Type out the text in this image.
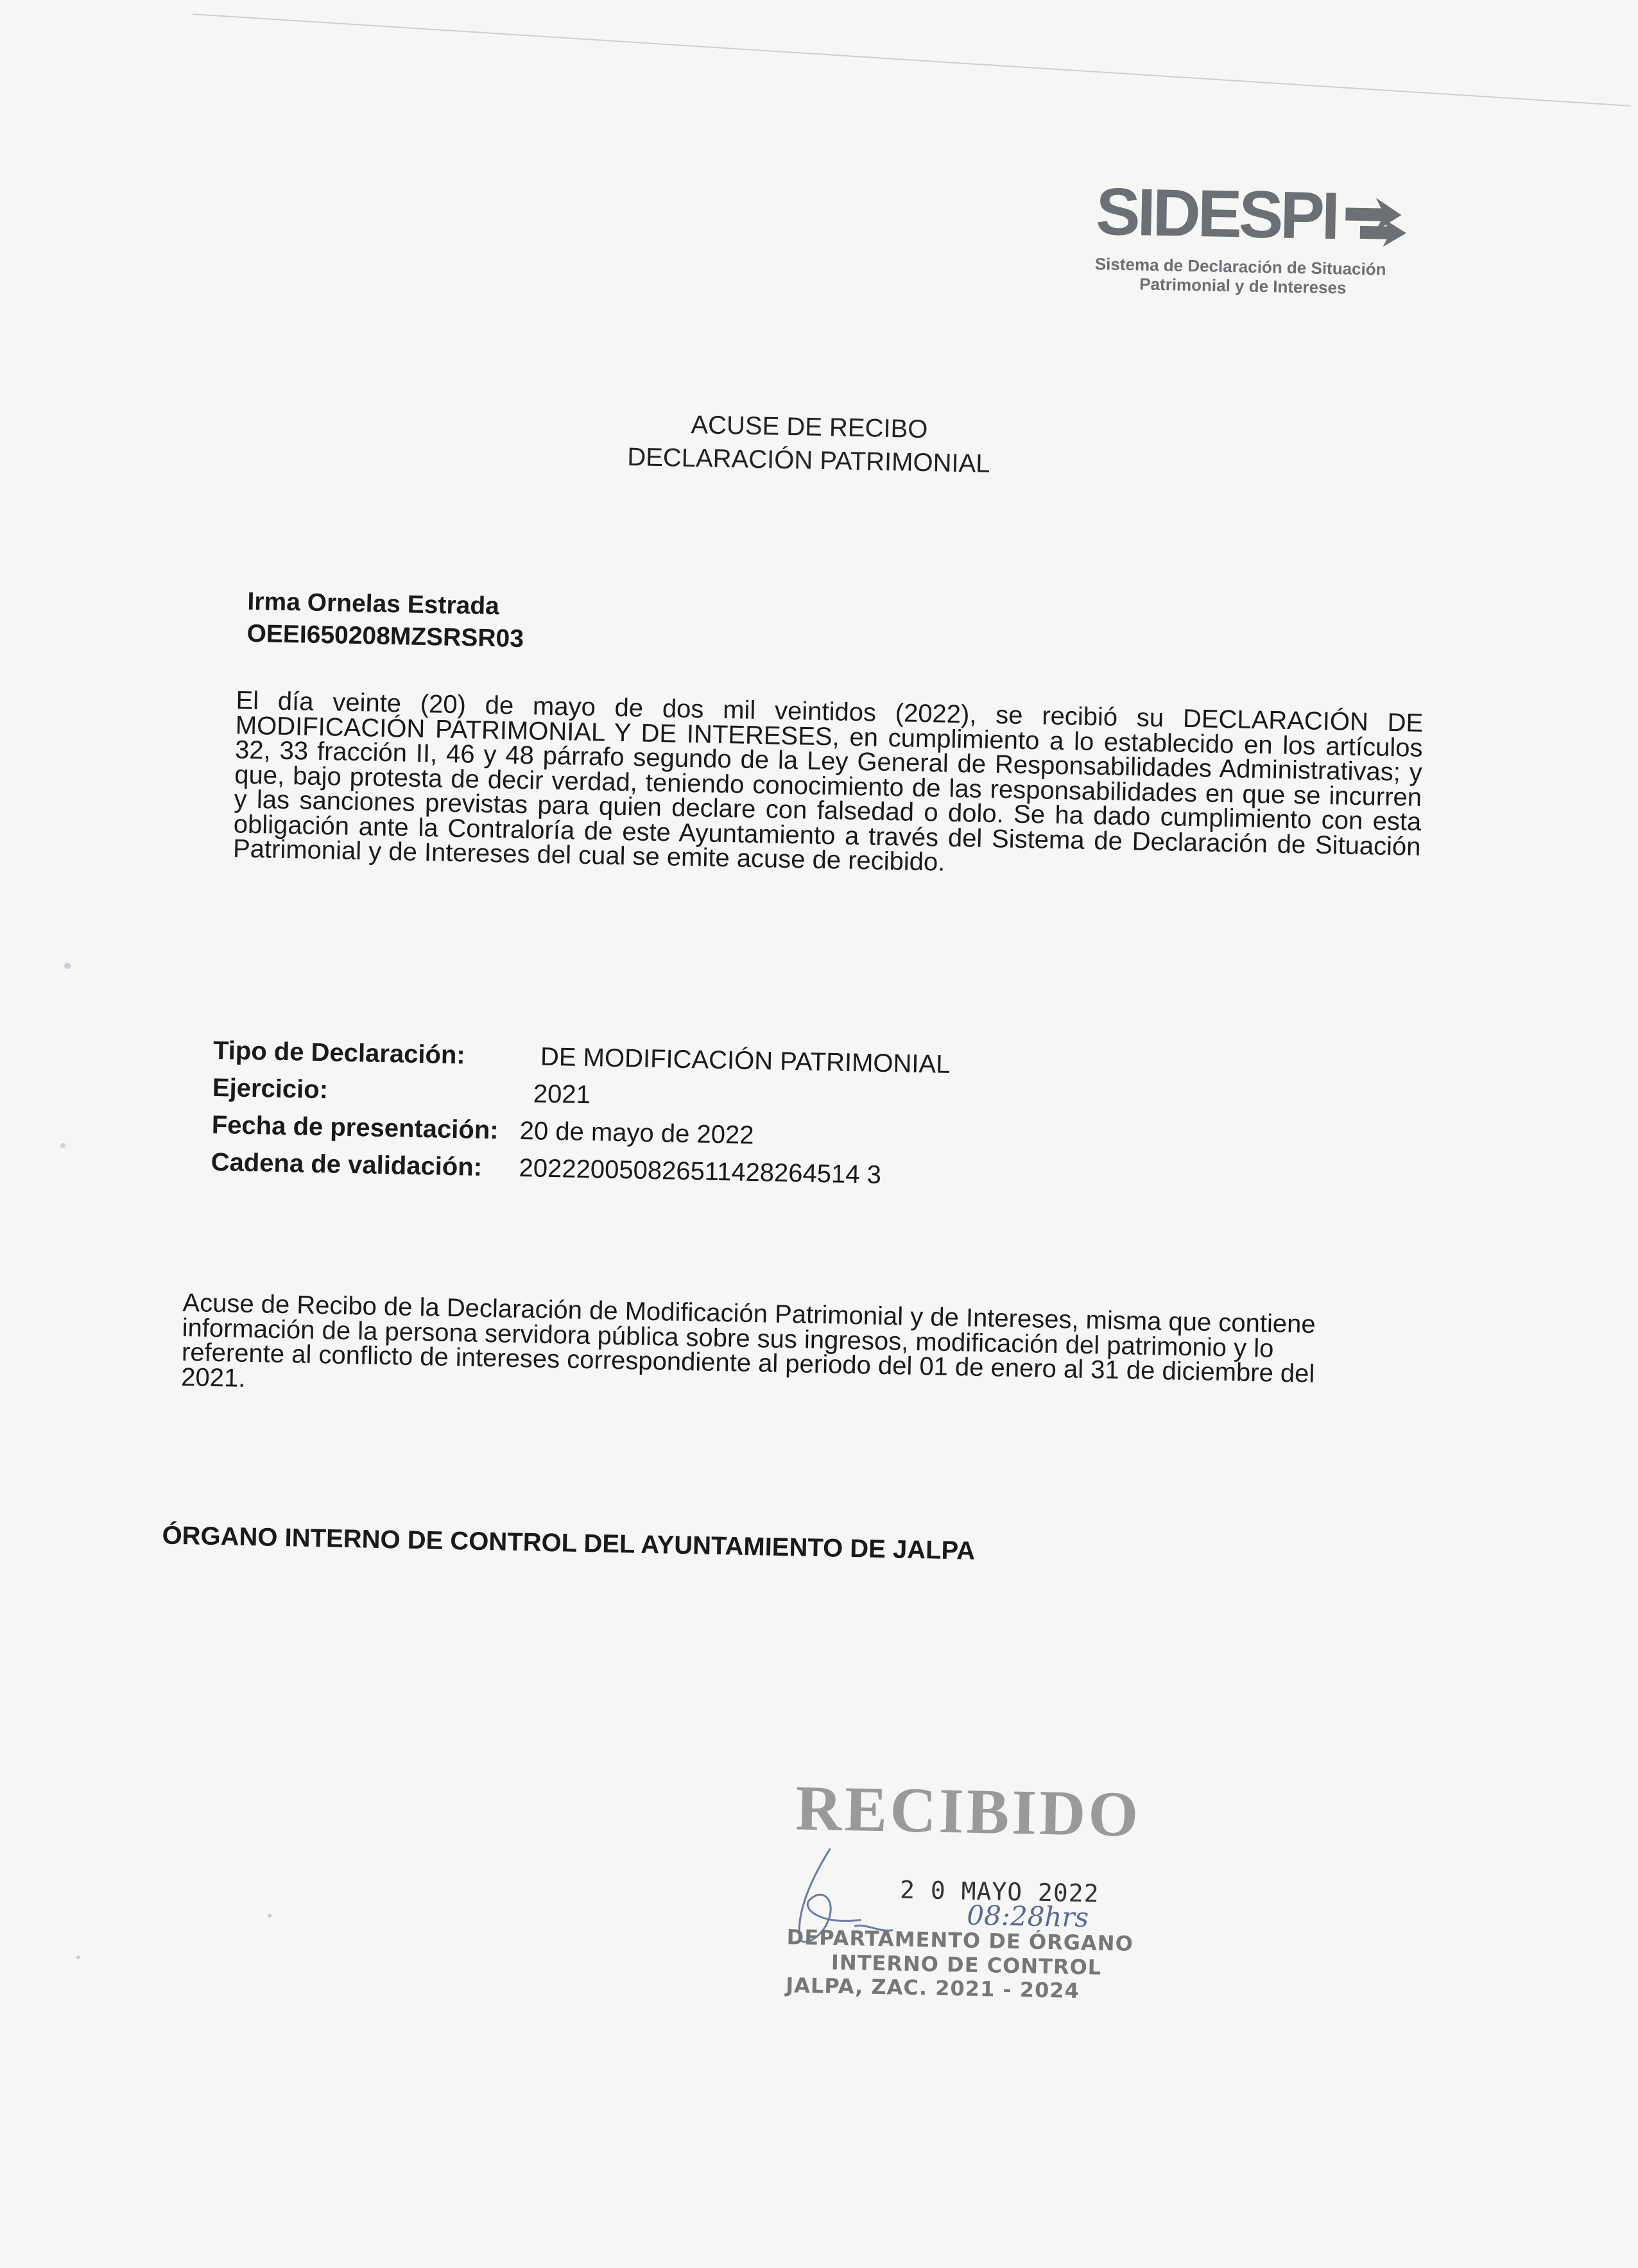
SIDESPI
Sistema de Declaración de Situación
Patrimonial y de Intereses
ACUSE DE RECIBO
DECLARACIÓN PATRIMONIAL
Irma Ornelas Estrada
OEEI650208MZSRSR03
El día veinte (20) de mayo de dos mil veintidos (2022), se recibió su DECLARACIÓN DE MODIFICACIÓN PATRIMONIAL Y DE INTERESES, en cumplimiento a lo establecido en los artículos 32, 33 fracción II, 46 y 48 párrafo segundo de la Ley General de Responsabilidades Administrativas; y que, bajo protesta de decir verdad, teniendo conocimiento de las responsabilidades en que se incurren y las sanciones previstas para quien declare con falsedad o dolo. Se ha dado cumplimiento con esta obligación ante la Contraloría de este Ayuntamiento a través del Sistema de Declaración de Situación Patrimonial y de Intereses del cual se emite acuse de recibido.
Tipo de Declaración:	DE MODIFICACIÓN PATRIMONIAL
Ejercicio:	2021
Fecha de presentación: 20 de mayo de 2022
Cadena de validación:	202220050826511428264514 3
Acuse de Recibo de la Declaración de Modificación Patrimonial y de Intereses, misma que contiene información de la persona servidora pública sobre sus ingresos, modificación del patrimonio y lo referente al conflicto de intereses correspondiente al periodo del 01 de enero al 31 de diciembre del 2021.
ÓRGANO INTERNO DE CONTROL DEL AYUNTAMIENTO DE JALPA
RECIBIDO
2 0 MAYO 2022
08:28hrs
DEPARTAMENTO DE ÓRGANO
INTERNO DE CONTROL
JALPA, ZAC. 2021 - 2024
